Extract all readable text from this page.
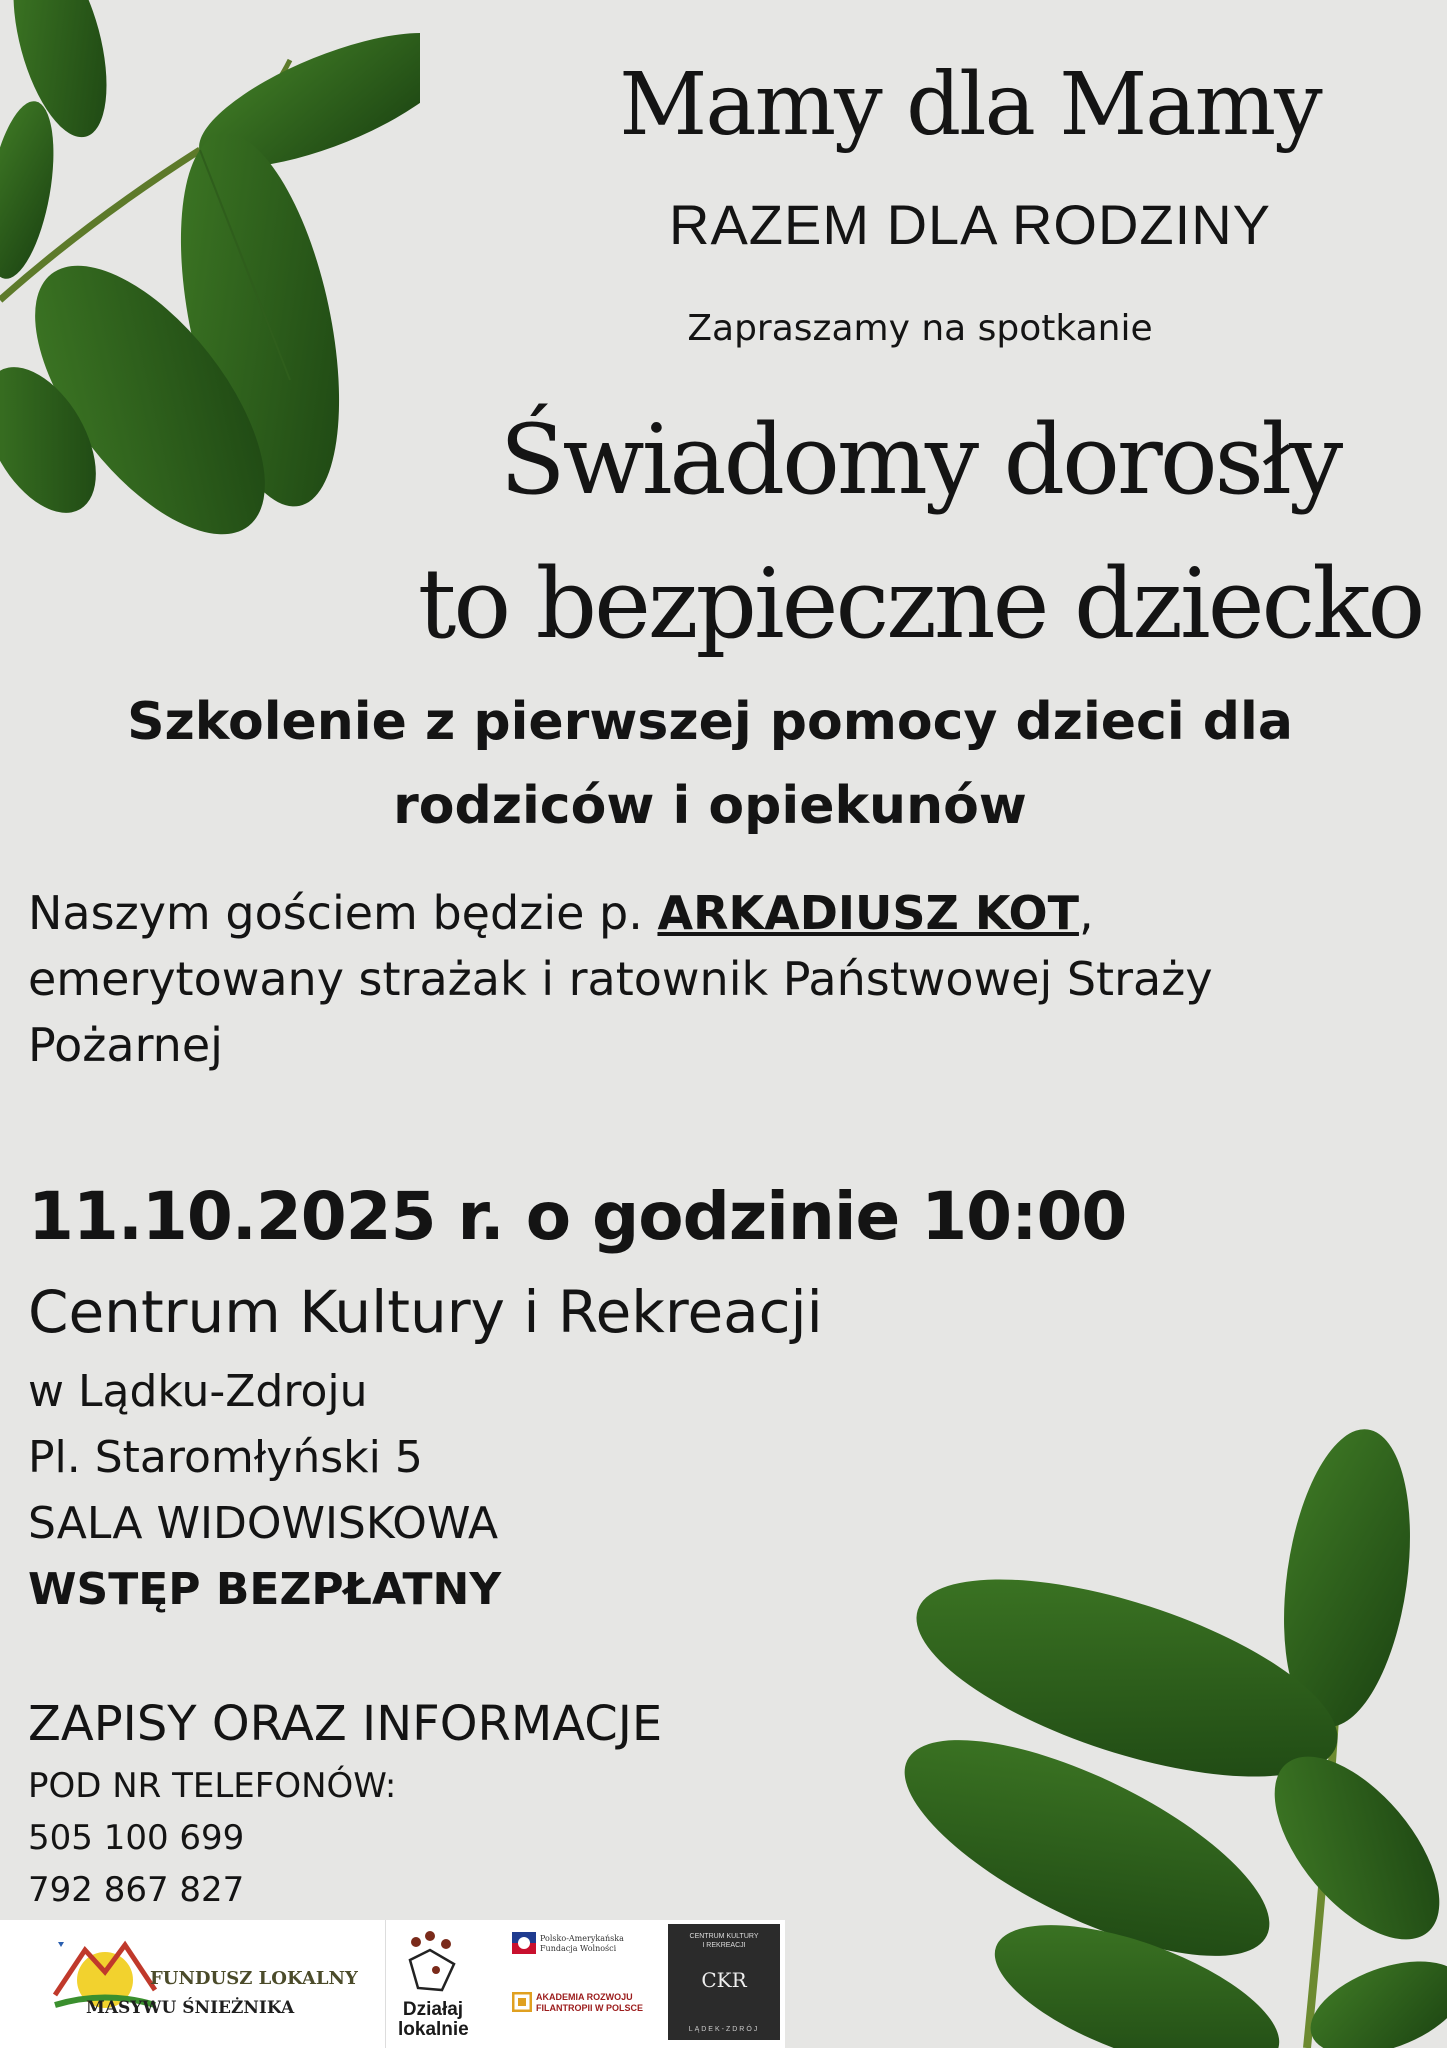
Mamy dla Mamy
RAZEM DLA RODZINY
Zapraszamy na spotkanie
Świadomy dorosły
to bezpieczne dziecko
Szkolenie z pierwszej pomocy dzieci dla
rodziców i opiekunów
Naszym gościem będzie p. ARKADIUSZ KOT,
emerytowany strażak i ratownik Państwowej Straży
Pożarnej
11.10.2025 r. o godzinie 10:00
Centrum Kultury i Rekreacji
w Lądku-Zdroju
Pl. Staromłyński 5
SALA WIDOWISKOWA
WSTĘP BEZPŁATNY
ZAPISY ORAZ INFORMACJE
POD NR TELEFONÓW:
505 100 699
792 867 827
FUNDUSZ LOKALNY
MASYWU ŚNIEŻNIKA	Działaj lokalnie
Polsko-Amerykańska
Fundacja Wolności
AKADEMIA ROZWOJU
FILANTROPII W POLSCE
CENTRUM KULTURY
I REKREACJI
CKR
LĄDEK-ZDRÓJ
